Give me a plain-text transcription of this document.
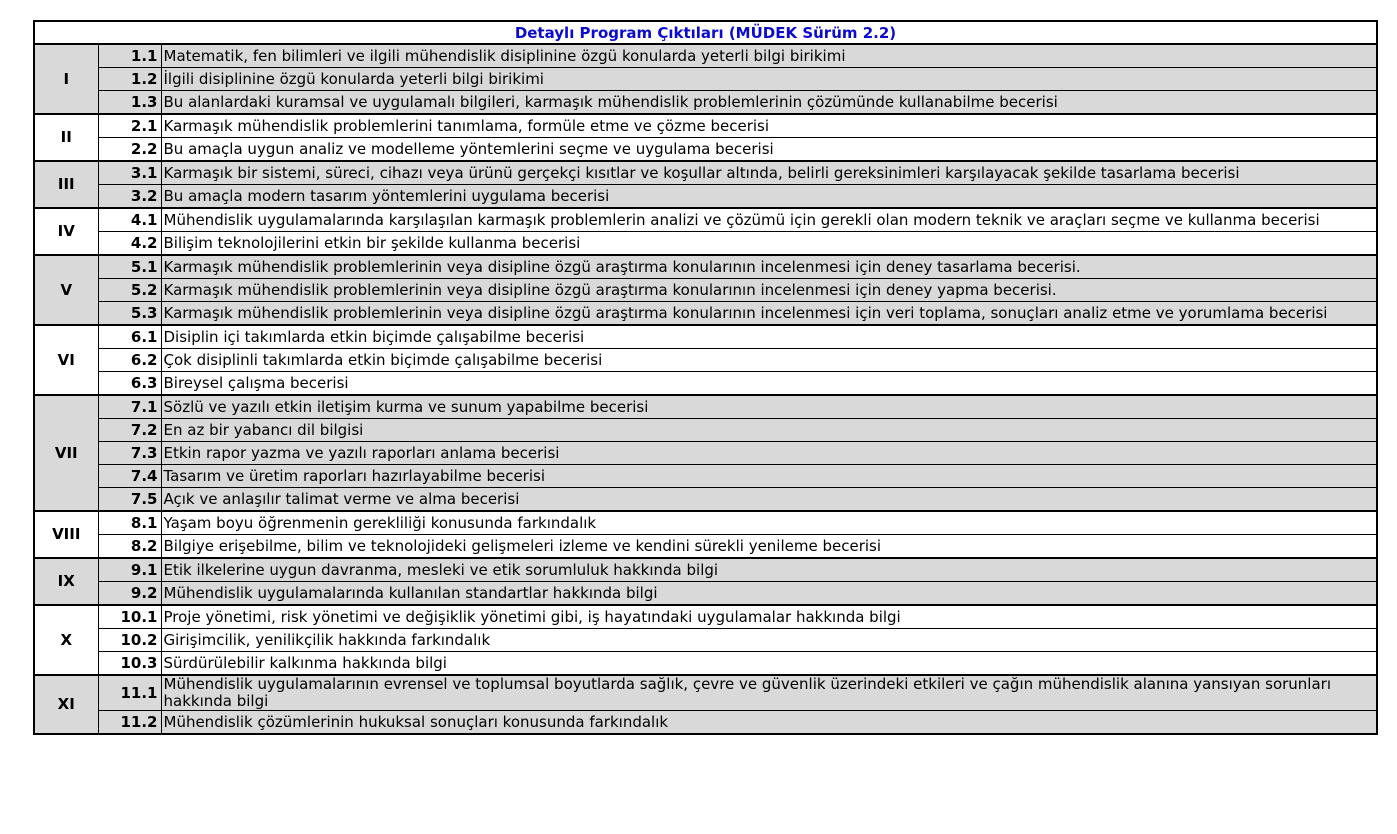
Detaylı Program Çıktıları (MÜDEK Sürüm 2.2)		
I	1.1	Matematik, fen bilimleri ve ilgili mühendislik disiplinine özgü konularda yeterli bilgi birikimi
	1.2	İlgili disiplinine özgü konularda yeterli bilgi birikimi
	1.3	Bu alanlardaki kuramsal ve uygulamalı bilgileri, karmaşık mühendislik problemlerinin çözümünde kullanabilme becerisi
II	2.1	Karmaşık mühendislik problemlerini tanımlama, formüle etme ve çözme becerisi
	2.2	Bu amaçla uygun analiz ve modelleme yöntemlerini seçme ve uygulama becerisi
III	3.1	Karmaşık bir sistemi, süreci, cihazı veya ürünü gerçekçi kısıtlar ve koşullar altında, belirli gereksinimleri karşılayacak şekilde tasarlama becerisi
	3.2	Bu amaçla modern tasarım yöntemlerini uygulama becerisi
IV	4.1	Mühendislik uygulamalarında karşılaşılan karmaşık problemlerin analizi ve çözümü için gerekli olan modern teknik ve araçları seçme ve kullanma becerisi
	4.2	Bilişim teknolojilerini etkin bir şekilde kullanma becerisi
V	5.1	Karmaşık mühendislik problemlerinin veya disipline özgü araştırma konularının incelenmesi için deney tasarlama becerisi.
	5.2	Karmaşık mühendislik problemlerinin veya disipline özgü araştırma konularının incelenmesi için deney yapma becerisi.
	5.3	Karmaşık mühendislik problemlerinin veya disipline özgü araştırma konularının incelenmesi için veri toplama, sonuçları analiz etme ve yorumlama becerisi
VI	6.1	Disiplin içi takımlarda etkin biçimde çalışabilme becerisi
	6.2	Çok disiplinli takımlarda etkin biçimde çalışabilme becerisi
	6.3	Bireysel çalışma becerisi
VII	7.1	Sözlü ve yazılı etkin iletişim kurma ve sunum yapabilme becerisi
	7.2	En az bir yabancı dil bilgisi
	7.3	Etkin rapor yazma ve yazılı raporları anlama becerisi
	7.4	Tasarım ve üretim raporları hazırlayabilme becerisi
	7.5	Açık ve anlaşılır talimat verme ve alma becerisi
VIII	8.1	Yaşam boyu öğrenmenin gerekliliği konusunda farkındalık
	8.2	Bilgiye erişebilme, bilim ve teknolojideki gelişmeleri izleme ve kendini sürekli yenileme becerisi
IX	9.1	Etik ilkelerine uygun davranma, mesleki ve etik sorumluluk hakkında bilgi
	9.2	Mühendislik uygulamalarında kullanılan standartlar hakkında bilgi
X	10.1	Proje yönetimi, risk yönetimi ve değişiklik yönetimi gibi, iş hayatındaki uygulamalar hakkında bilgi
	10.2	Girişimcilik, yenilikçilik hakkında farkındalık
	10.3	Sürdürülebilir kalkınma hakkında bilgi
XI	11.1	Mühendislik uygulamalarının evrensel ve toplumsal boyutlarda sağlık, çevre ve güvenlik üzerindeki etkileri ve çağın mühendislik alanına yansıyan sorunları hakkında bilgi
	11.2	Mühendislik çözümlerinin hukuksal sonuçları konusunda farkındalık
